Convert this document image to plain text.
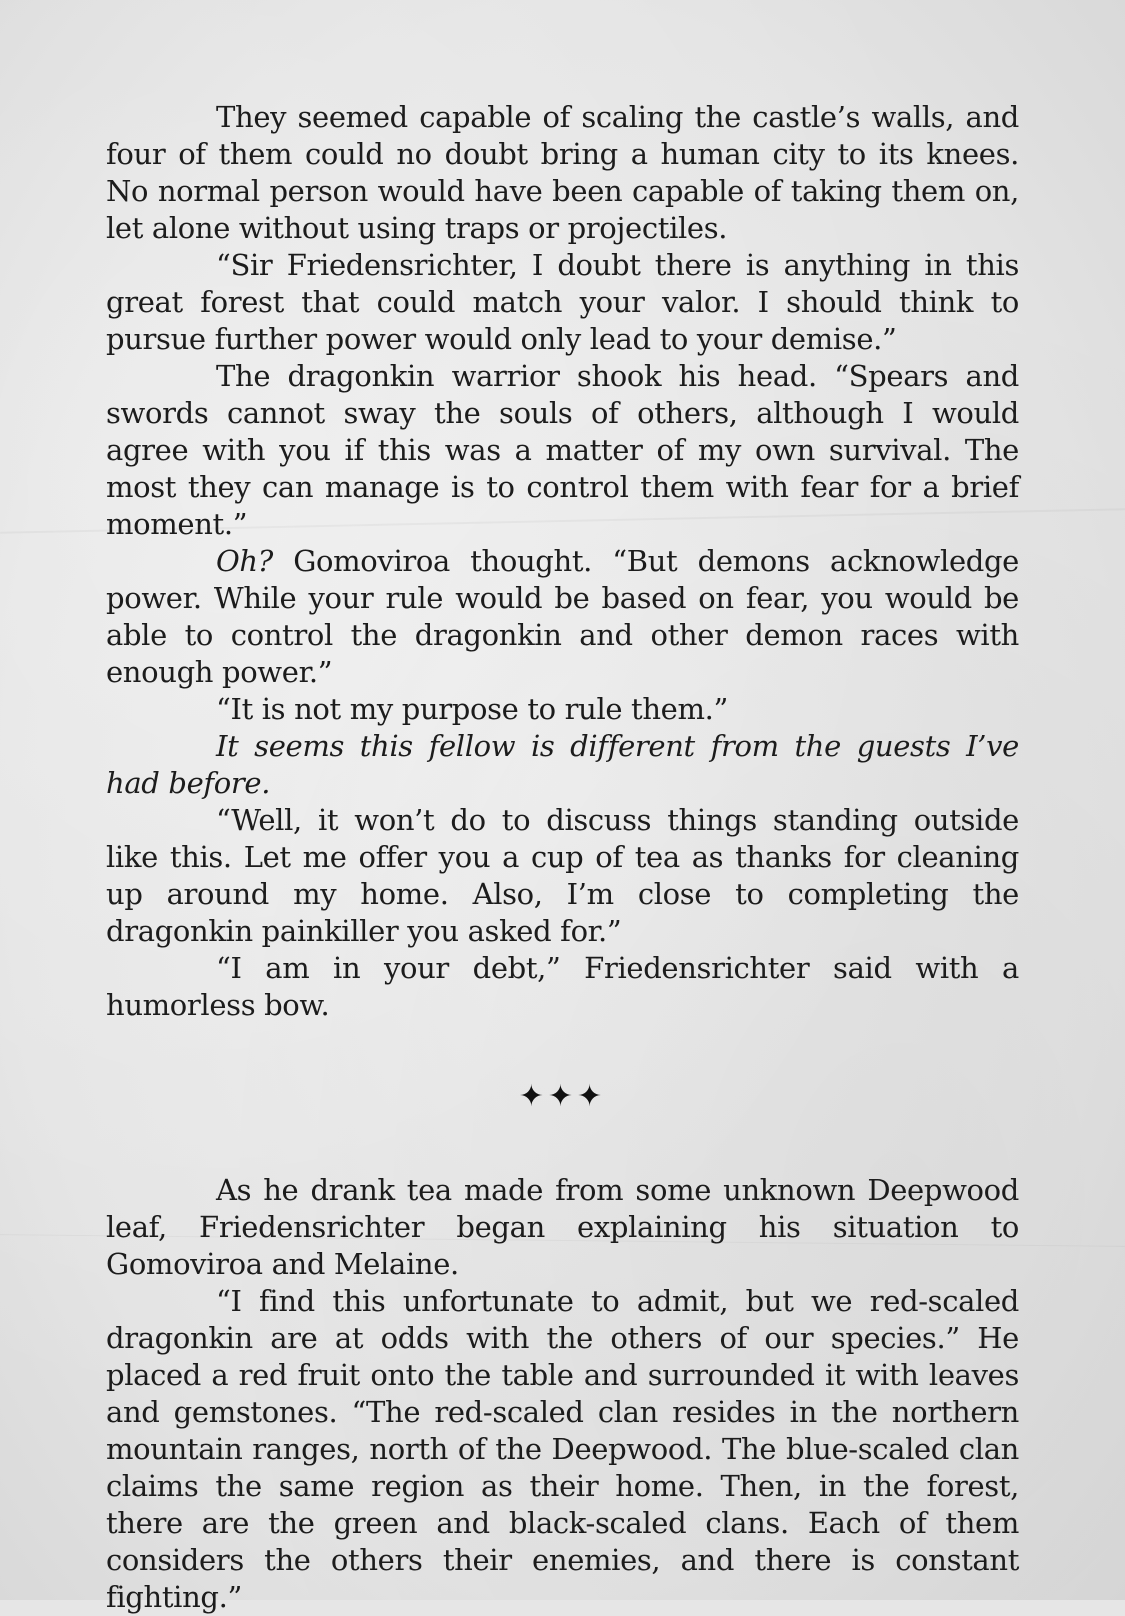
They seemed capable of scaling the castle’s walls, and four of them could no doubt bring a human city to its knees. No normal person would have been capable of taking them on, let alone without using traps or projectiles.

“Sir Friedensrichter, I doubt there is anything in this great forest that could match your valor. I should think to pursue further power would only lead to your demise.”

The dragonkin warrior shook his head. “Spears and swords cannot sway the souls of others, although I would agree with you if this was a matter of my own survival. The most they can manage is to control them with fear for a brief moment.”

Oh? Gomoviroa thought. “But demons acknowledge power. While your rule would be based on fear, you would be able to control the dragonkin and other demon races with enough power.”

“It is not my purpose to rule them.”

It seems this fellow is different from the guests I’ve had before.

“Well, it won’t do to discuss things standing outside like this. Let me offer you a cup of tea as thanks for cleaning up around my home. Also, I’m close to completing the dragonkin painkiller you asked for.”

“I am in your debt,” Friedensrichter said with a humorless bow.

✦✦✦

As he drank tea made from some unknown Deepwood leaf, Friedensrichter began explaining his situation to Gomoviroa and Melaine.

“I find this unfortunate to admit, but we red-scaled dragonkin are at odds with the others of our species.” He placed a red fruit onto the table and surrounded it with leaves and gemstones. “The red-scaled clan resides in the northern mountain ranges, north of the Deepwood. The blue-scaled clan claims the same region as their home. Then, in the forest, there are the green and black-scaled clans. Each of them considers the others their enemies, and there is constant fighting.”
